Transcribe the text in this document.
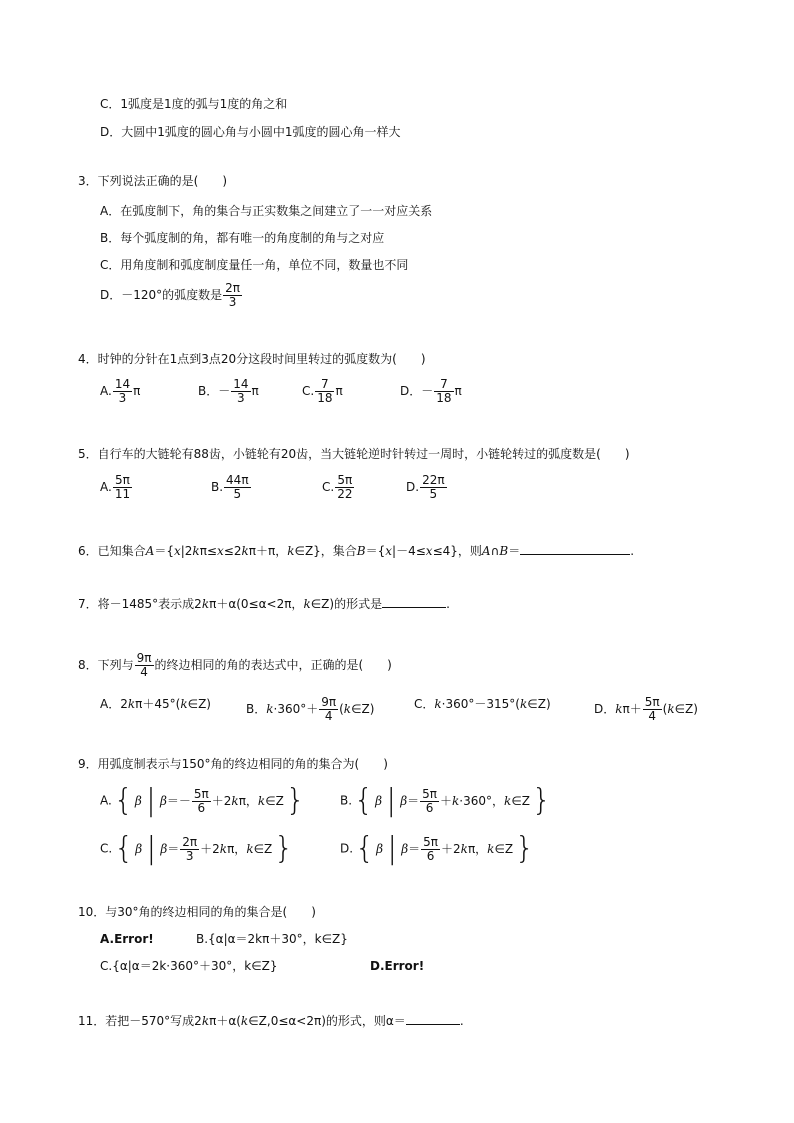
C．1弧度是1度的弧与1度的角之和
D．大圆中1弧度的圆心角与小圆中1弧度的圆心角一样大
3．下列说法正确的是(　　)
A．在弧度制下，角的集合与正实数集之间建立了一一对应关系
B．每个弧度制的角，都有唯一的角度制的角与之对应
C．用角度制和弧度制度量任一角，单位不同，数量也不同
D．－120°的弧度数是 $\frac{2\pi}{3}$
4．时钟的分针在1点到3点20分这段时间里转过的弧度数为(　　)
A. $\frac{14}{3}$ π	B．－ $\frac{14}{3}$ π	C. $\frac{7}{18}$ π	D．－ $\frac{7}{18}$ π
5．自行车的大链轮有88齿，小链轮有20齿，当大链轮逆时针转过一周时，小链轮转过的弧度数是(　　)
A. $\frac{5\pi}{11}$	B. $\frac{44\pi}{5}$	C. $\frac{5\pi}{22}$	D. $\frac{22\pi}{5}$
6．已知集合A＝{x|2kπ≤x≤2kπ＋π，k∈Z}，集合B＝{x|－4≤x≤4}，则A∩B＝	.
7．将－1485°表示成2kπ＋α(0≤α<2π，k∈Z)的形式是	.
8．下列与 $\frac{9\pi}{4}$ 的终边相同的角的表达式中，正确的是(　　)
A．2kπ＋45°(k∈Z)	B．$k\cdot 360^\circ+ \frac{9\pi}{4}$ (k∈Z)	C．k·360°－315°(k∈Z)	D．$k\pi+ \frac{5\pi}{4}$ (k∈Z)
9．用弧度制表示与150°角的终边相同的角的集合为(　　)
A. { β | $\beta =- \frac{5\pi}{6} +2$ k π， k ∈Z }	B. { β | $\beta = \frac{5\pi}{6} + k \cdot 360^\circ$， k ∈Z }
C. { β | $\beta = \frac{2\pi}{3} +2$ k π， k ∈Z }	D. { β | $\beta = \frac{5\pi}{6} +2$ k π， k ∈Z }
10．与30°角的终边相同的角的集合是(　　)
A.Error!	B.{α|α＝2kπ＋30°，k∈Z}
C.{α|α＝2k·360°＋30°，k∈Z}	D.Error!
11．若把－570°写成2kπ＋α(k∈Z,0≤α<2π)的形式，则α＝	.
